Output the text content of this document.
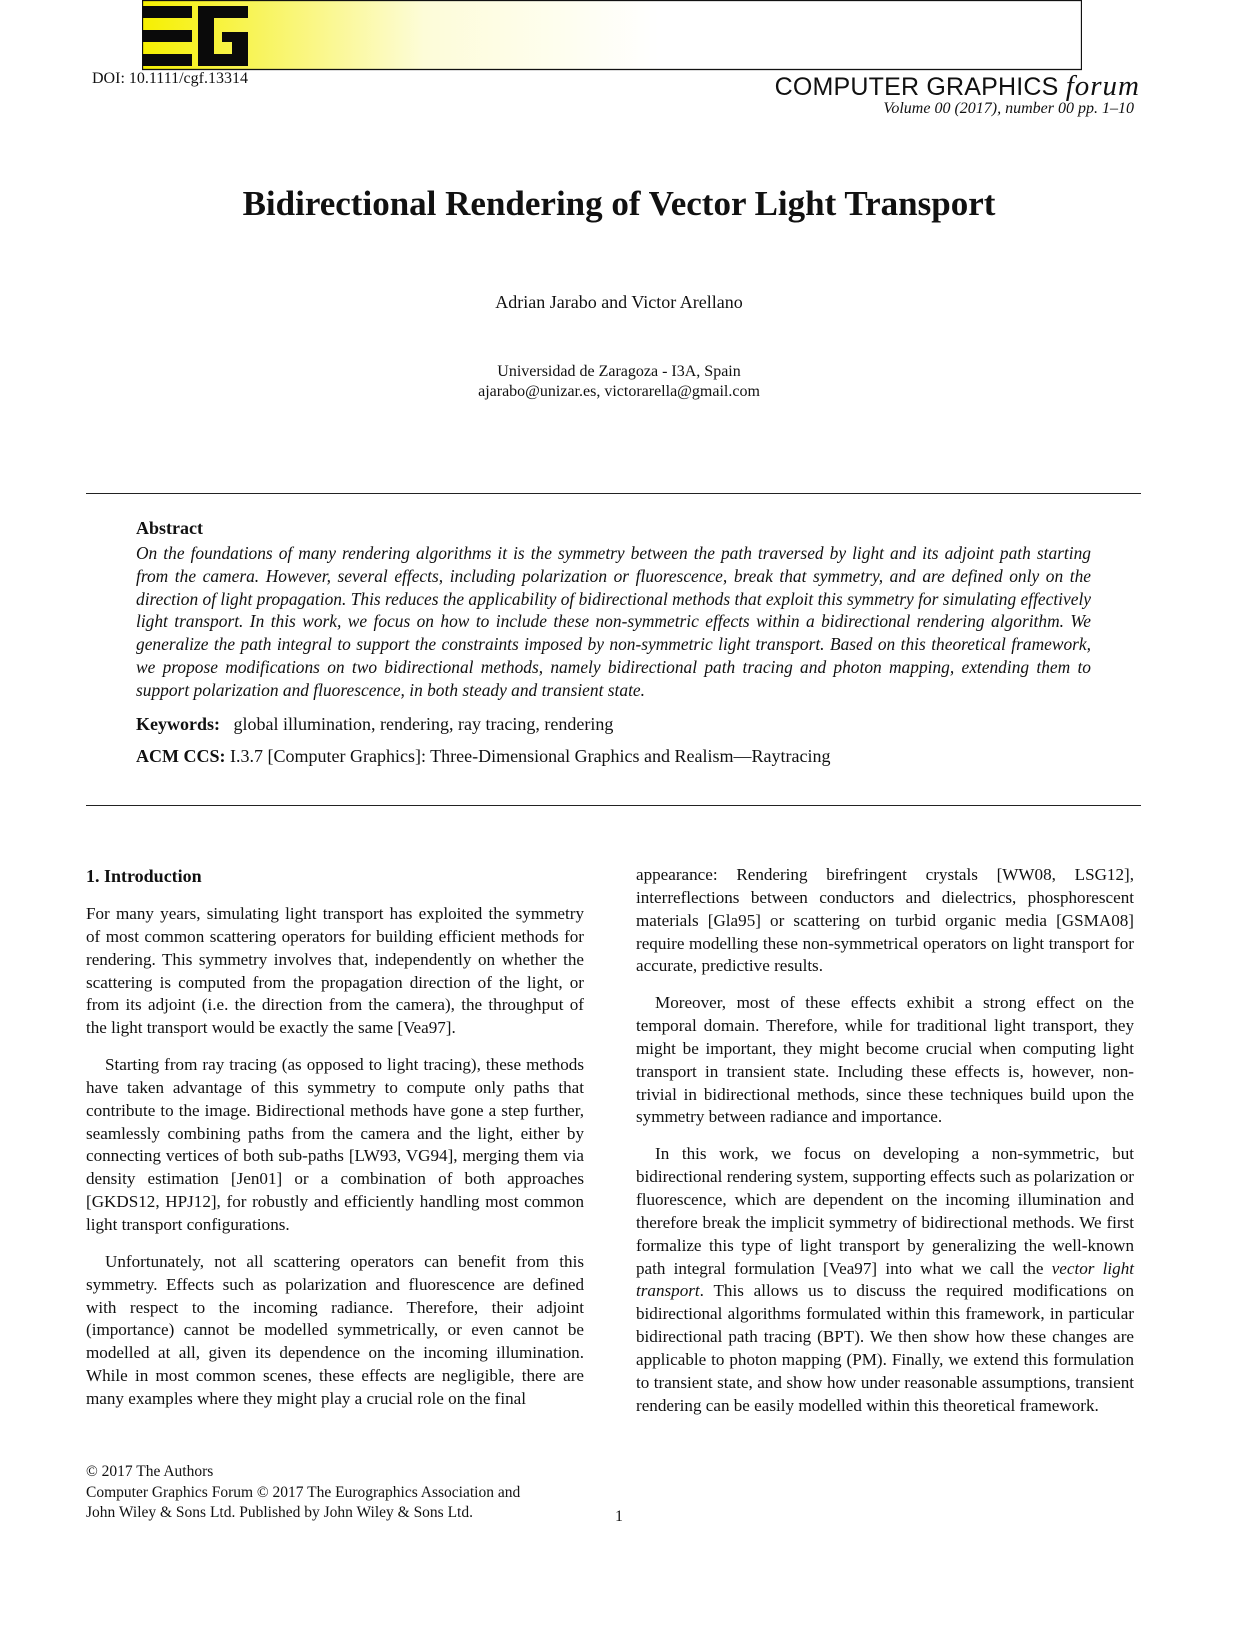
DOI: 10.1111/cgf.13314	COMPUTER GRAPHICS forum
Volume 00 (2017), number 00 pp. 1–10
Bidirectional Rendering of Vector Light Transport
Adrian Jarabo and Victor Arellano
Universidad de Zaragoza - I3A, Spain
ajarabo@unizar.es, victorarella@gmail.com
Abstract
On the foundations of many rendering algorithms it is the symmetry between the path traversed by light and its adjoint path starting from the camera. However, several effects, including polarization or fluorescence, break that symmetry, and are defined only on the direction of light propagation. This reduces the applicability of bidirectional methods that exploit this symmetry for simulating effectively light transport. In this work, we focus on how to include these non-symmetric effects within a bidirectional rendering algorithm. We generalize the path integral to support the constraints imposed by non-symmetric light transport. Based on this theoretical framework, we propose modifications on two bidirectional methods, namely bidirectional path tracing and photon mapping, extending them to support polarization and fluorescence, in both steady and transient state.
Keywords: global illumination, rendering, ray tracing, rendering
ACM CCS: I.3.7 [Computer Graphics]: Three-Dimensional Graphics and Realism—Raytracing
1. Introduction

For many years, simulating light transport has exploited the symmetry of most common scattering operators for building efficient methods for rendering. This symmetry involves that, independently on whether the scattering is computed from the propagation direction of the light, or from its adjoint (i.e. the direction from the camera), the throughput of the light transport would be exactly the same [Vea97].

Starting from ray tracing (as opposed to light tracing), these methods have taken advantage of this symmetry to compute only paths that contribute to the image. Bidirectional methods have gone a step further, seamlessly combining paths from the camera and the light, either by connecting vertices of both sub-paths [LW93, VG94], merging them via density estimation [Jen01] or a combination of both approaches [GKDS12, HPJ12], for robustly and efficiently handling most common light transport configurations.

Unfortunately, not all scattering operators can benefit from this symmetry. Effects such as polarization and fluorescence are defined with respect to the incoming radiance. Therefore, their adjoint (importance) cannot be modelled symmetrically, or even cannot be modelled at all, given its dependence on the incoming illumination. While in most common scenes, these effects are negligible, there are many examples where they might play a crucial role on the final

appearance: Rendering birefringent crystals [WW08, LSG12], interreflections between conductors and dielectrics, phosphorescent materials [Gla95] or scattering on turbid organic media [GSMA08] require modelling these non-symmetrical operators on light transport for accurate, predictive results.

Moreover, most of these effects exhibit a strong effect on the temporal domain. Therefore, while for traditional light transport, they might be important, they might become crucial when computing light transport in transient state. Including these effects is, however, non-trivial in bidirectional methods, since these techniques build upon the symmetry between radiance and importance.

In this work, we focus on developing a non-symmetric, but bidirectional rendering system, supporting effects such as polarization or fluorescence, which are dependent on the incoming illumination and therefore break the implicit symmetry of bidirectional methods. We first formalize this type of light transport by generalizing the well-known path integral formulation [Vea97] into what we call the vector light transport. This allows us to discuss the required modifications on bidirectional algorithms formulated within this framework, in particular bidirectional path tracing (BPT). We then show how these changes are applicable to photon mapping (PM). Finally, we extend this formulation to transient state, and show how under reasonable assumptions, transient rendering can be easily modelled within this theoretical framework.

© 2017 The Authors
Computer Graphics Forum © 2017 The Eurographics Association and
John Wiley & Sons Ltd. Published by John Wiley & Sons Ltd.	1
